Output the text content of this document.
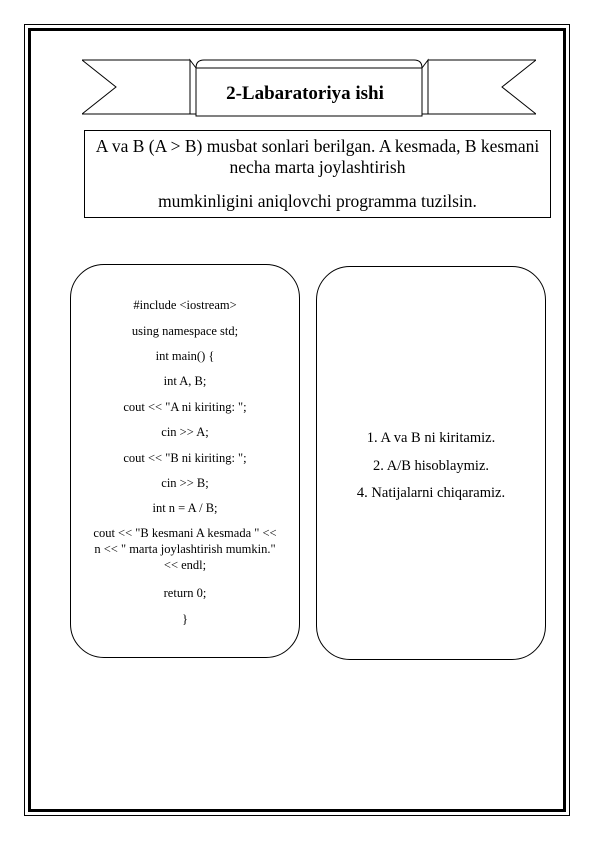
2-Labaratoriya ishi
A va B (A > B) musbat sonlari berilgan. A kesmada, B kesmani necha marta joylashtirish
mumkinligini aniqlovchi programma tuzilsin.
#include <iostream>
using namespace std;
int main() {
int A, B;
cout << "A ni kiriting: ";
cin >> A;
cout << "B ni kiriting: ";
cin >> B;
int n = A / B;
cout << "B kesmani A kesmada " << n << " marta joylashtirish mumkin." << endl;
return 0;
}
1. A va B ni kiritamiz.
2. A/B hisoblaymiz.
4. Natijalarni chiqaramiz.
